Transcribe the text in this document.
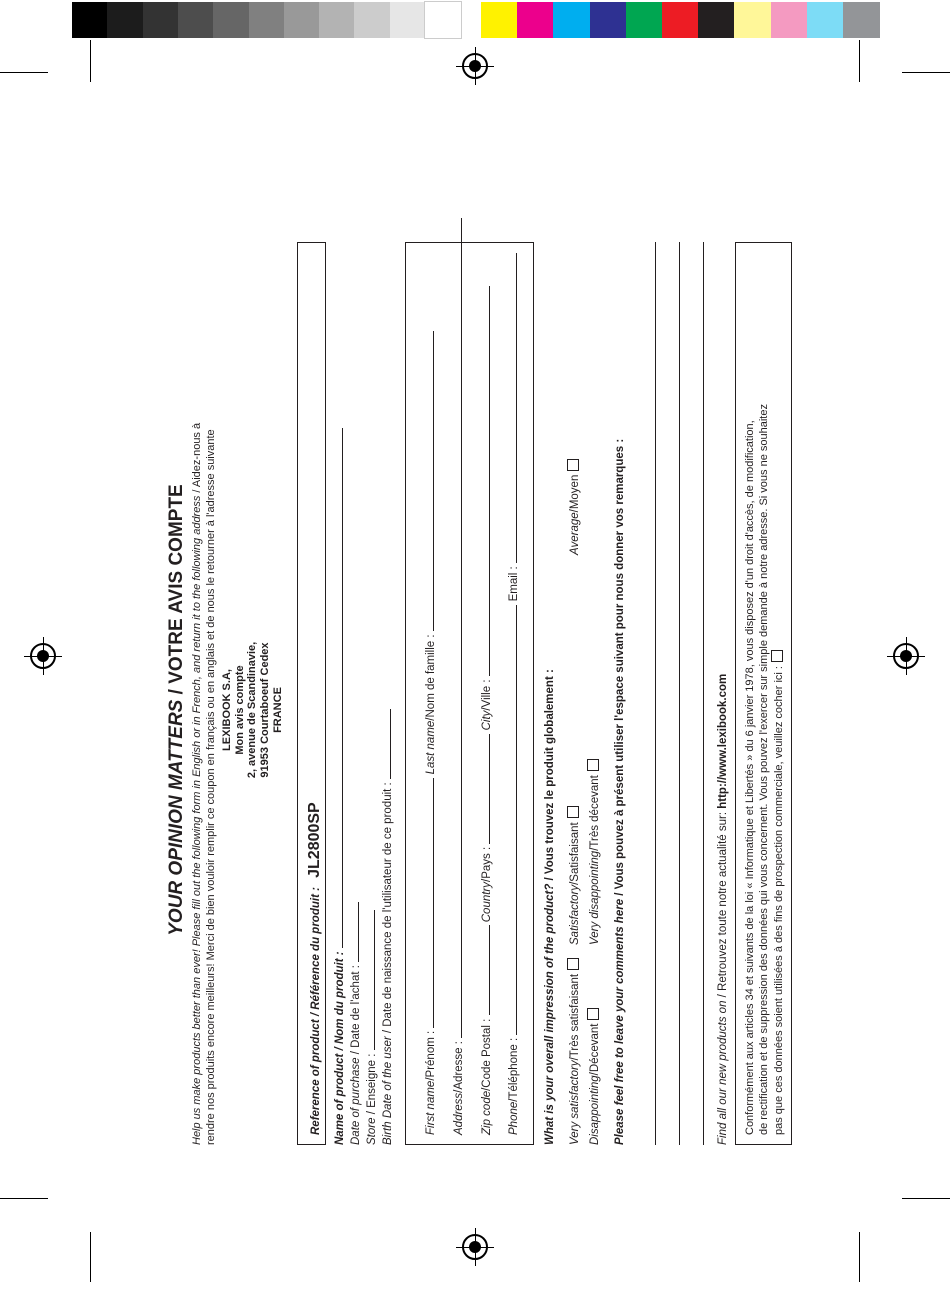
YOUR OPINION MATTERS / VOTRE AVIS COMPTE Help us make products better than ever! Please fill out the following form in English or in French, and return it to the following address / Aidez-nous à rendre nos produits encore meilleurs! Merci de bien vouloir remplir ce coupon en français ou en anglais et de nous le retourner à l'adresse suivante LEXIBOOK S.A, Mon avis compte 2, avenue de Scandinavie, 91953 Courtaboeuf Cedex FRANCE
Reference of product / Référence du produit : JL2800SP
Name of product / Nom du produit : Date of purchase / Date de l'achat :
Store / Enseigne : Birth Date of the user / Date de naissance de l'utilisateur de ce produit :
First name/Prénom :  Last name/Nom de famille :
Address/Adresse :
Zip code/Code Postal :  Country/Pays :  City/Ville :
Phone/Téléphone :  Email :
What is your overall impression of the product? / Vous trouvez le produit globalement :
Very satisfactory/Très satisfaisant
Satisfactory/Satisfaisant
Average/Moyen
Disappointing/Décevant
Very disappointing/Très décevant
Please feel free to leave your comments here / Vous pouvez à présent utiliser l'espace suivant pour nous donner vos remarques :
Find all our new products on / Retrouvez toute notre actualité sur: http://www.lexibook.com Conformément aux articles 34 et suivants de la loi « Informatique et Libertés » du 6 janvier 1978, vous disposez d'un droit d'accès, de modification, de rectification et de suppression des données qui vous concernent. Vous pouvez l'exercer sur simple demande à notre adresse. Si vous ne souhaitez pas que ces données soient utilisées à des fins de prospection commerciale, veuillez cocher ici :
